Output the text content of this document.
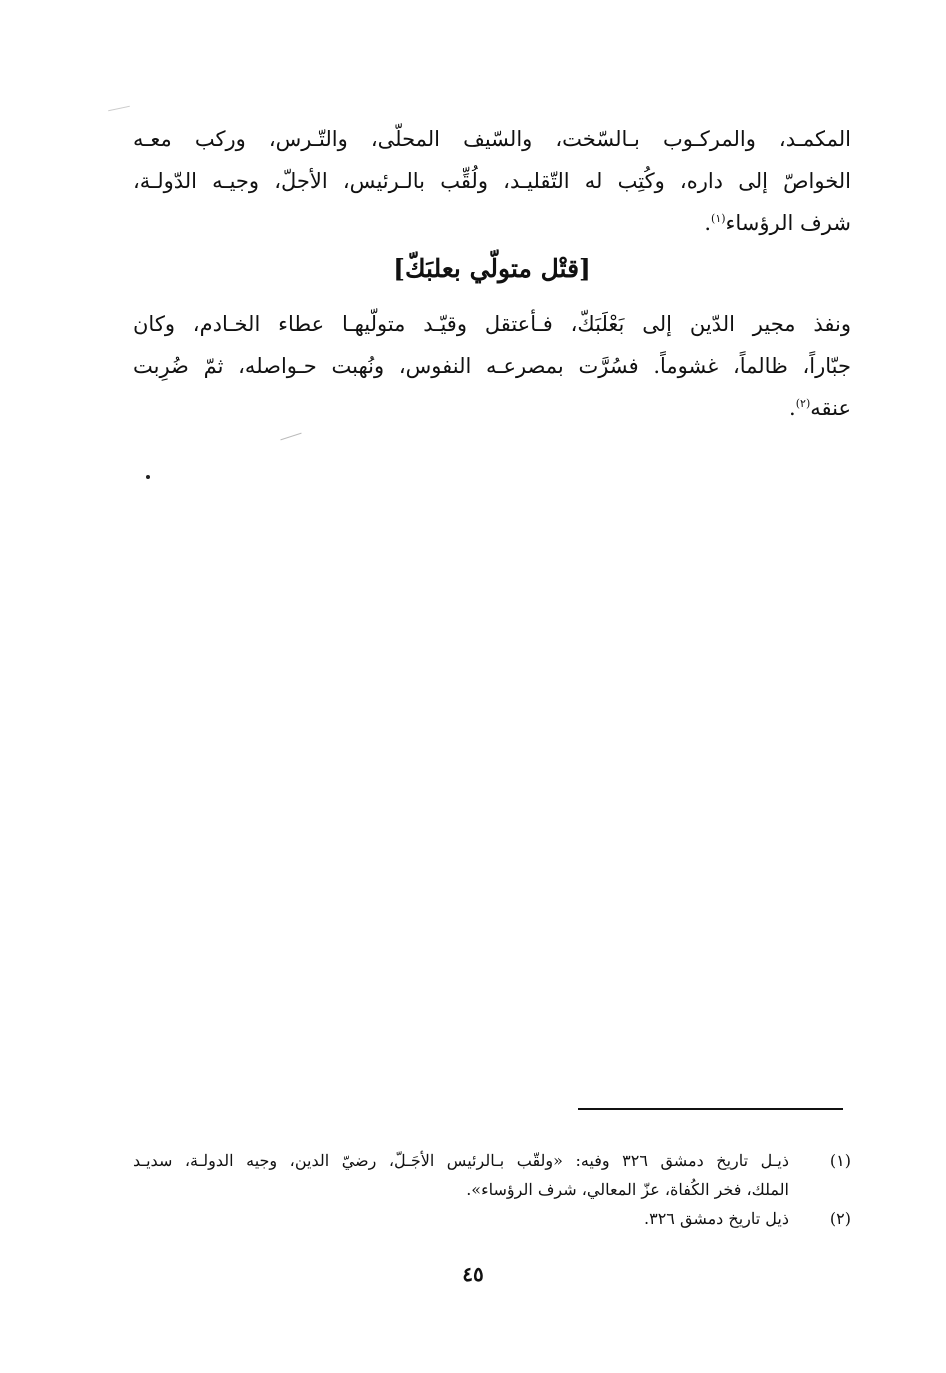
المكمـد، والمركـوب بـالسّخت، والسّيف المحلّى، والتّـرس، وركب معـه
الخواصّ إلى داره، وكُتِب له التّقليـد، ولُقِّب بالـرئيس، الأجلّ، وجيـه الدّولـة،
شرف الرؤساء$^{(١)}$.
[قتْل متولّي بعلبَكّ]
ونفذ مجير الدّين إلى بَعْلَبَكّ، فـأعتقل وقيّـد متولّيهـا عطاء الخـادم، وكان
جبّاراً، ظالماً، غشوماً. فسُرَّت بمصرعـه النفوس، ونُهبت حـواصله، ثمّ ضُرِبت
عنقه$^{(٢)}$.
(١)
ذيـل تاريخ دمشق ٣٢٦ وفيه: «ولقّب بـالرئيس الأجَـلّ، رضيّ الدين، وجيه الدولـة، سديـد
الملك، فخر الكُفاة، عزّ المعالي، شرف الرؤساء».
(٢)
ذيل تاريخ دمشق ٣٢٦.
٤٥
